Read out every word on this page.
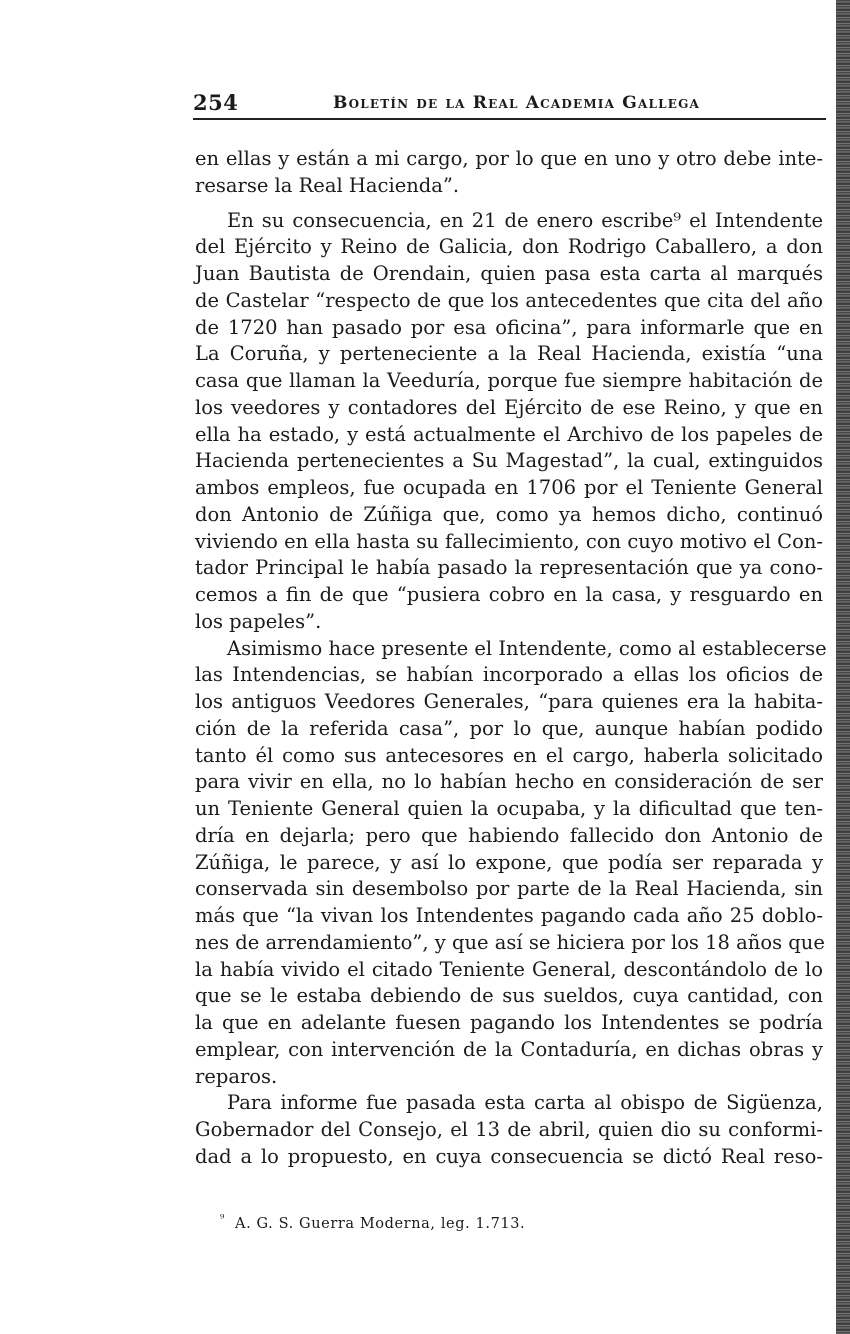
254	Boletín de la Real Academia Gallega
en ellas y están a mi cargo, por lo que en uno y otro debe inte-
resarse la Real Hacienda”.
En su consecuencia, en 21 de enero escribe⁹ el Intendente
del Ejército y Reino de Galicia, don Rodrigo Caballero, a don
Juan Bautista de Orendain, quien pasa esta carta al marqués
de Castelar “respecto de que los antecedentes que cita del año
de 1720 han pasado por esa oficina”, para informarle que en
La Coruña, y perteneciente a la Real Hacienda, existía “una
casa que llaman la Veeduría, porque fue siempre habitación de
los veedores y contadores del Ejército de ese Reino, y que en
ella ha estado, y está actualmente el Archivo de los papeles de
Hacienda pertenecientes a Su Magestad”, la cual, extinguidos
ambos empleos, fue ocupada en 1706 por el Teniente General
don Antonio de Zúñiga que, como ya hemos dicho, continuó
viviendo en ella hasta su fallecimiento, con cuyo motivo el Con-
tador Principal le había pasado la representación que ya cono-
cemos a fin de que “pusiera cobro en la casa, y resguardo en
los papeles”.
Asimismo hace presente el Intendente, como al establecerse
las Intendencias, se habían incorporado a ellas los oficios de
los antiguos Veedores Generales, “para quienes era la habita-
ción de la referida casa”, por lo que, aunque habían podido
tanto él como sus antecesores en el cargo, haberla solicitado
para vivir en ella, no lo habían hecho en consideración de ser
un Teniente General quien la ocupaba, y la dificultad que ten-
dría en dejarla; pero que habiendo fallecido don Antonio de
Zúñiga, le parece, y así lo expone, que podía ser reparada y
conservada sin desembolso por parte de la Real Hacienda, sin
más que “la vivan los Intendentes pagando cada año 25 doblo-
nes de arrendamiento”, y que así se hiciera por los 18 años que
la había vivido el citado Teniente General, descontándolo de lo
que se le estaba debiendo de sus sueldos, cuya cantidad, con
la que en adelante fuesen pagando los Intendentes se podría
emplear, con intervención de la Contaduría, en dichas obras y
reparos.
Para informe fue pasada esta carta al obispo de Sigüenza,
Gobernador del Consejo, el 13 de abril, quien dio su conformi-
dad a lo propuesto, en cuya consecuencia se dictó Real reso-
$^{^9}$ A. G. S. Guerra Moderna, leg. 1.713.
